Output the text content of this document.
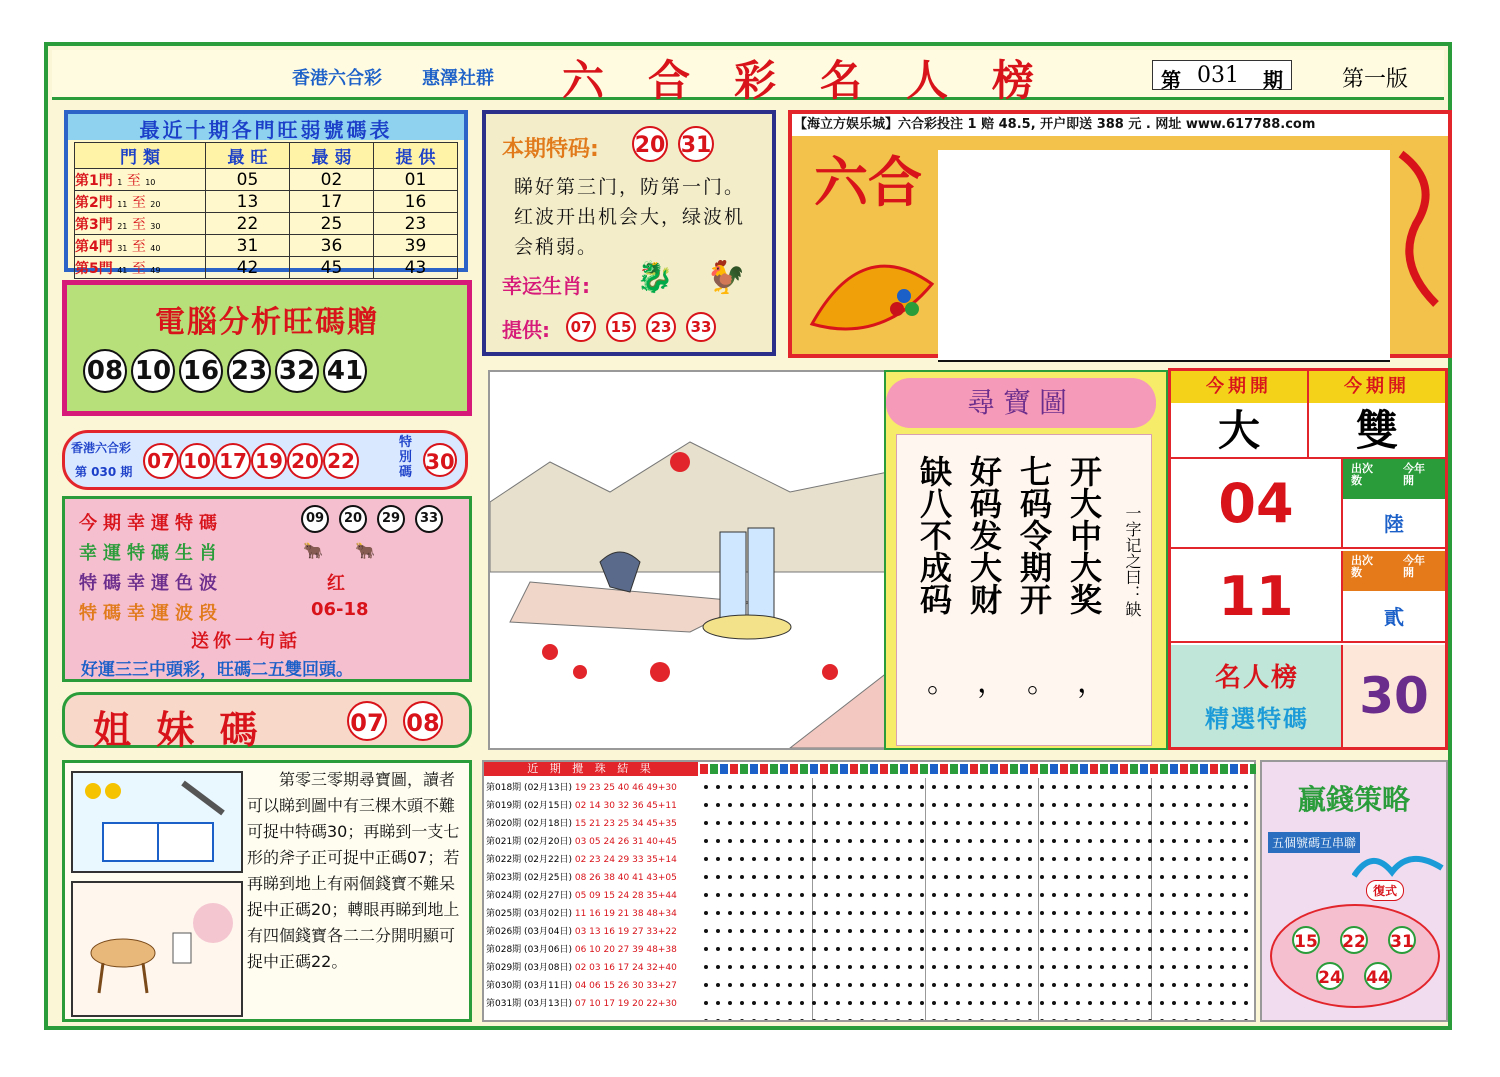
香港六合彩 惠澤社群 六合彩名人榜	第 031 期	第一版
最近十期各門旺弱號碼表
門 類	最 旺	最 弱	提 供
第1門 1 至 10	05	02	01
第2門 11 至 20	13	17	16
第3門 21 至 30	22	25	23
第4門 31 至 40	31	36	39
第5門 41 至 49	42	45	43
電腦分析旺碼贈
08 10 16 23 32 41
香港六合彩
第 030 期 07 10 17 19 20 22
特別碼 30
今期幸運特碼	09 20 29 33
幸運特碼生肖	🐂 🐂
特碼幸運色波	红
特碼幸運波段	06-18
送你一句話
好運三三中頭彩，旺碼二五雙回頭。
姐 妹 碼	07 08
第零三零期尋寶圖，讀者可以睇到圖中有三棵木頭不難可捉中特碼30；再睇到一支七形的斧子正可捉中正碼07；若再睇到地上有兩個錢寶不難呆捉中正碼20；轉眼再睇到地上有四個錢寶各二二分開明顯可捉中正碼22。
本期特码: 20 31
睇好第三门，防第一门。红波开出机会大，绿波机会稍弱。
幸运生肖: 🐉 🐓
提供:	07 15 23 33
【海立方娱乐城】六合彩投注 1 赔 48.5, 开户即送 388 元 . 网址 www.617788.com
六合
尋寶圖
开大中大奖
七码令期开
好码发大财
缺八不成码
，
。
，
。
一字记之曰：缺
今期開	今期開
大	雙
04
出次数
今年開
陸
11
出次数
今年開
貳
名人榜
精選特碼	30
近 期 攪 珠 結 果
第018期 (02月13日) 19 23 25 40 46 49+30
第019期 (02月15日) 02 14 30 32 36 45+11
第020期 (02月18日) 15 21 23 25 34 45+35
第021期 (02月20日) 03 05 24 26 31 40+45
第022期 (02月22日) 02 23 24 29 33 35+14
第023期 (02月25日) 08 26 38 40 41 43+05
第024期 (02月27日) 05 09 15 24 28 35+44
第025期 (03月02日) 11 16 19 21 38 48+34
第026期 (03月04日) 03 13 16 19 27 33+22
第028期 (03月06日) 06 10 20 27 39 48+38
第029期 (03月08日) 02 03 16 17 24 32+40
第030期 (03月11日) 04 06 15 26 30 33+27
第031期 (03月13日) 07 10 17 19 20 22+30
贏錢策略
五個號碼互串聯
復式
15 22 31
24 44
